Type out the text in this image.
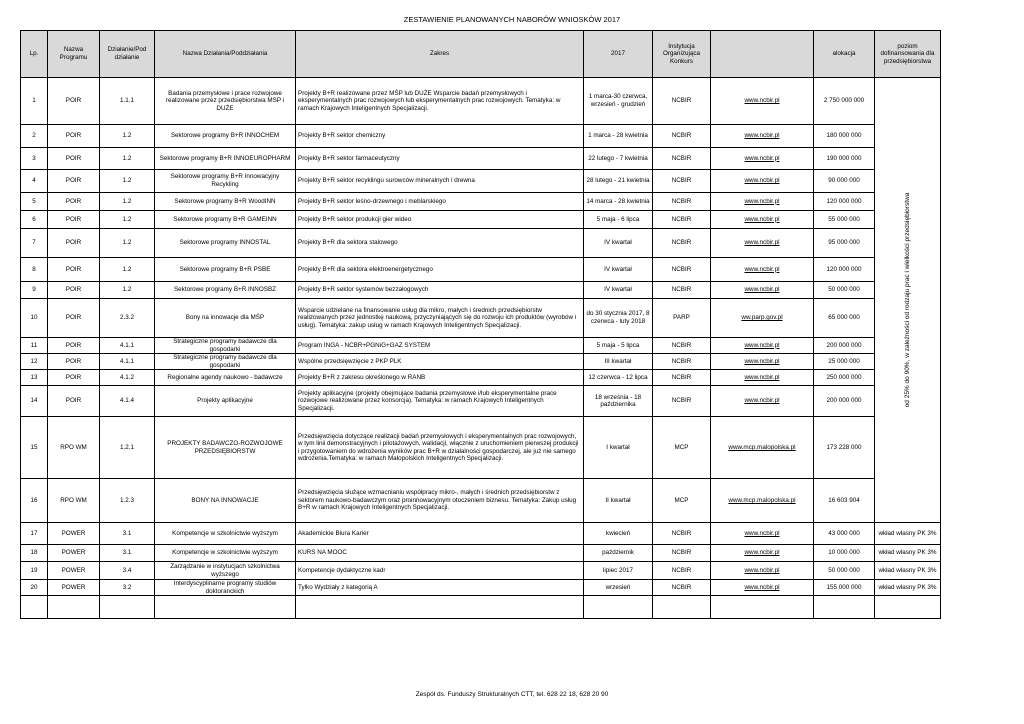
ZESTAWIENIE PLANOWANYCH NABORÓW WNIOSKÓW 2017
Lp.	Nazwa Programu	Działanie/Pod działanie	Nazwa Działania/Poddziałania	Zakres	2017	Instytucja Organizująca Konkurs		alokacja	poziom dofinansowania dla przedsiębiorstwa
1	POIR	1.1.1	Badania przemysłowe i prace rozwojowe realizowane przez przedsiębiorstwa MSP i DUŻE	Projekty B+R realizowane przez MŚP lub DUŻE Wsparcie badań przemysłowych i eksperymentalnych prac rozwojowych lub eksperymentalnych prac rozwojowych. Tematyka: w ramach Krajowych Inteligentnych Specjalizacji.	1 marca-30 czerwca, wrzesień - grudzień	NCBIR	www.ncbir.pl	2 750 000 000	od 25% do 90%, w zależności od rodzaju prac i wielkości przedsiębiorstwa

2	POIR	1.2	Sektorowe programy B+R INNOCHEM	Projekty B+R sektor chemiczny	1 marca - 28 kwietnia	NCBIR	www.ncbir.pl	180 000 000	
3	POIR	1.2	Sektorowe programy B+R INNOEUROPHARM	Projekty B+R sektor farmaceutyczny	22 lutego - 7 kwietnia	NCBIR	www.ncbir.pl	190 000 000	
4	POIR	1.2	Sektorowe programy B+R Innowacyjny Recykling	Projekty B+R sektor recyklingu surowców mineralnych i drewna	28 lutego - 21 kwietnia	NCBIR	www.ncbir.pl	90 000 000	
5	POIR	1.2	Sektorowe programy B+R WoodINN	Projekty B+R sektor leśno-drzewnego i meblarskiego	14 marca - 28 kwietnia	NCBIR	www.ncbir.pl	120 000 000	
6	POIR	1.2	Sektorowe programy B+R GAMEINN	Projekty B+R sektor produkcji gier wideo	5 maja - 6 lipca	NCBIR	www.ncbir.pl	55 000 000	
7	POIR	1.2	Sektorowe programy INNOSTAL	Projekty B+R dla sektora stalowego	IV kwartał	NCBIR	www.ncbir.pl	95 000 000	
8	POIR	1.2	Sektorowe programy B+R PSBE	Projekty B+R dla sektora elektroenergetycznego	IV kwartał	NCBIR	www.ncbir.pl	120 000 000	
9	POIR	1.2	Sektorowe programy B+R INNOSBZ	Projekty B+R sektor systemów bezzałogowych	IV kwartał	NCBIR	www.ncbir.pl	50 000 000	
10	POIR	2.3.2	Bony na innowacje dla MŚP	Wsparcie udzielane na finansowanie usług dla mikro, małych i średnich przedsiębiorstw realizowanych przez jednostkę naukową, przyczyniających się do rozwoju ich produktów (wyrobów i usług). Tematyka: zakup usług w ramach Krajowych Inteligentnych Specjalizacji.	do 30 stycznia 2017, 8 czerwca - luty 2018	PARP	ww.parp.gov.pl	65 000 000	
11	POIR	4.1.1	Strategiczne programy badawcze dla gospodarki	Program INGA - NCBR+PGNiG+GAZ SYSTEM	5 maja - 5 lipca	NCBIR	www.ncbir.pl	200 000 000	
12	POIR	4.1.1	Strategiczne programy badawcze dla gospodarki	Wspólne przedsięwzięcie z PKP PLK	III kwartał	NCBIR	www.ncbir.pl	25 000 000	
13	POIR	4.1.2	Regionalne agendy naukowo - badawcze	Projekty B+R z zakresu określonego w RANB	12 czerwca - 12 lipca	NCBIR	www.ncbir.pl	250 000 000	
14	POIR	4.1.4	Projekty aplikacyjne	Projekty aplikacyjne (projekty obejmujące badania przemysłowe i/lub eksperymentalne prace rozwojowe realizowane przez konsorcja). Tematyka: w ramach Krajowych Inteligentnych Specjalizacji.	18 września - 18 października	NCBIR	www.ncbir.pl	200 000 000	
15	RPO WM	1.2.1	PROJEKTY BADAWCZO-ROZWOJOWE PRZEDSIĘBIORSTW	Przedsięwzięcia dotyczące realizacji badań przemysłowych i eksperymentalnych prac rozwojowych, w tym linii demonstracyjnych i pilotażowych, walidacji, włącznie z uruchomieniem pierwszej produkcji i przygotowaniem do wdrożenia wyników prac B+R w działalności gospodarczej, ale już nie samego wdrożenia.Tematyka: w ramach Małopolskich Inteligentnych Specjalizacji.	I kwartał	MCP	www.mcp.malopolska.pl	173 228 000	
16	RPO WM	1.2.3	BONY NA INNOWACJE	Przedsięwzięcia służące wzmacnianiu współpracy mikro-, małych i średnich przedsiębiorstw z sektorem naukowo-badawczym oraz proinnowacyjnym otoczeniem biznesu. Tematyka: Zakup usług B+R w ramach Krajowych Inteligentnych Specjalizacji.	II kwartał	MCP	www.mcp.malopolska.pl	16 603 904	
17	POWER	3.1	Kompetencje w szkolnictwie wyższym	Akademickie Biura Karier	kwiecień	NCBIR	www.ncbir.pl	43 000 000	wkład własny PK 3%
18	POWER	3.1	Kompetencje w szkolnictwie wyższym	KURS NA MOOC	październik	NCBIR	www.ncbir.pl	10 000 000	wkład własny PK 3%
19	POWER	3.4	Zarządzanie w instytucjach szkolnictwa wyższego	Kompetencje dydaktyczne kadr	lipiec 2017	NCBIR	www.ncbir.pl	50 000 000	wkład własny PK 3%
20	POWER	3.2	Interdyscyplinarne programy studiów doktoranckich	Tylko Wydziały z kategorią A	wrzesień	NCBIR	www.ncbir.pl	155 000 000	wkład własny PK 3%

Zespół ds. Funduszy Strukturalnych CTT, tel. 628 22 18, 628 20 90
